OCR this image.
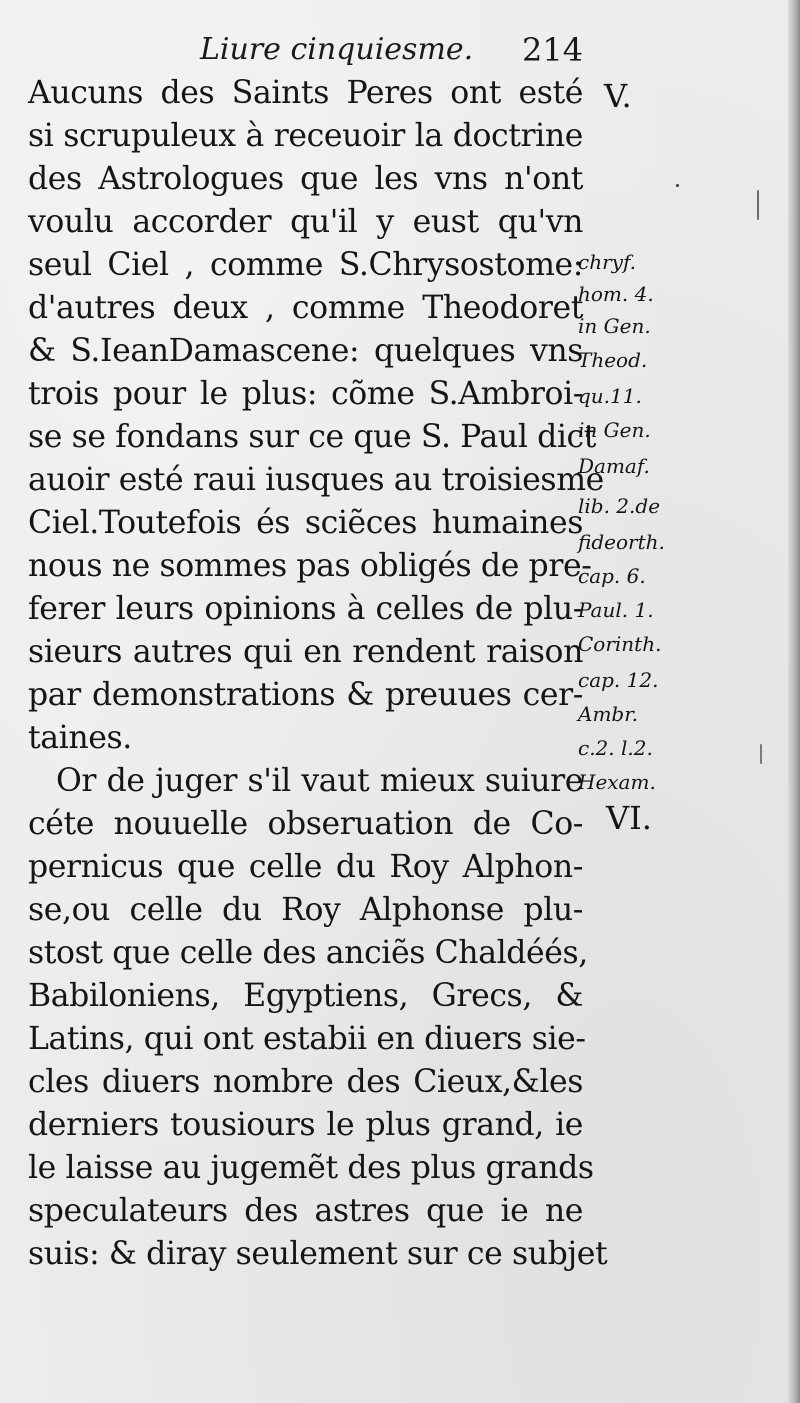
Liure cinquiesme. 214
Aucuns des Saints Peres ont esté
si scrupuleux à receuoir la doctrine
des Astrologues que les vns n'ont
voulu accorder qu'il y eust qu'vn
seul Ciel , comme S.Chrysostome:
d'autres deux , comme Theodoret
& S.IeanDamascene: quelques vns
trois pour le plus: cõme S.Ambroi-
se se fondans sur ce que S. Paul dict
auoir esté raui iusques au troisiesme
Ciel.Toutefois és sciẽces humaines
nous ne sommes pas obligés de pre-
ferer leurs opinions à celles de plu-
sieurs autres qui en rendent raison
par demonstrations & preuues cer-
taines.
Or de juger s'il vaut mieux suiure
céte nouuelle obseruation de Co-
pernicus que celle du Roy Alphon-
se,ou celle du Roy Alphonse plu-
stost que celle des anciẽs Chaldéés,
Babiloniens, Egyptiens, Grecs, &
Latins, qui ont estabii en diuers sie-
cles diuers nombre des Cieux,&les
derniers tousiours le plus grand, ie
le laisse au jugemẽt des plus grands
speculateurs des astres que ie ne
suis: & diray seulement sur ce subjet
V.
chryf.
hom. 4.
in Gen.
Theod.
qu.11.
in Gen.
Damaf.
lib. 2.de
fideorth.
cap. 6.
Paul. 1.
Corinth.
cap. 12.
Ambr.
c.2. l.2.
Hexam.
VI.
